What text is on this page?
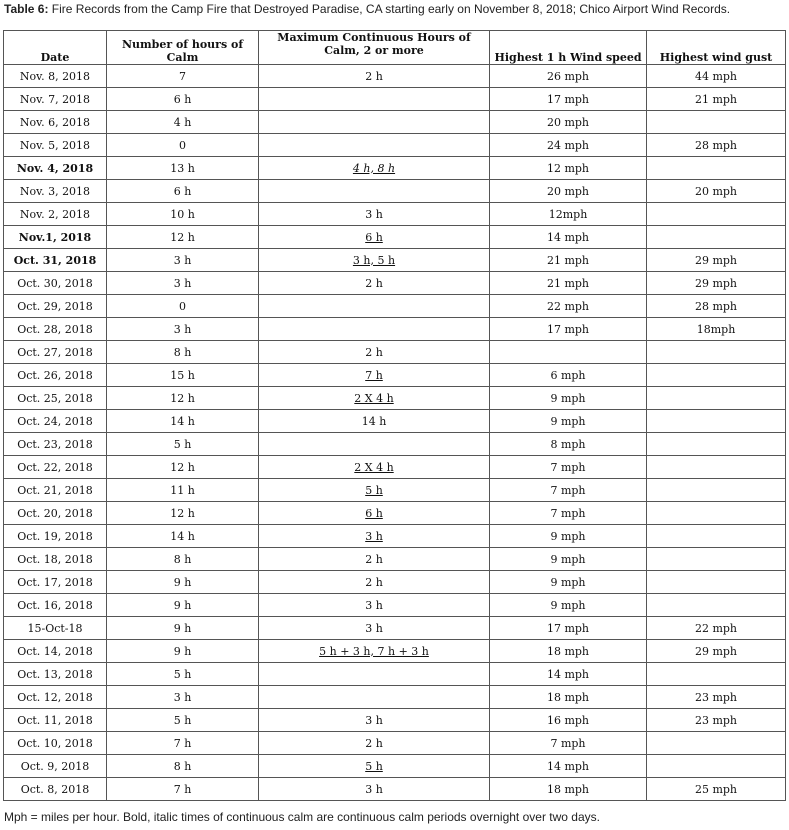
Table 6: Fire Records from the Camp Fire that Destroyed Paradise, CA starting early on November 8, 2018; Chico Airport Wind Records.
Date	Number of hours of Calm	Maximum Continuous Hours of Calm, 2 or more	Highest 1 h Wind speed	Highest wind gust
Nov. 8, 2018	7	2 h	26 mph	44 mph
Nov. 7, 2018	6 h		17 mph	21 mph
Nov. 6, 2018	4 h		20 mph	
Nov. 5, 2018	0		24 mph	28 mph
Nov. 4, 2018	13 h	4 h, 8 h	12 mph	
Nov. 3, 2018	6 h		20 mph	20 mph
Nov. 2, 2018	10 h	3 h	12mph	
Nov.1, 2018	12 h	6 h	14 mph	
Oct. 31, 2018	3 h	3 h, 5 h	21 mph	29 mph
Oct. 30, 2018	3 h	2 h	21 mph	29 mph
Oct. 29, 2018	0		22 mph	28 mph
Oct. 28, 2018	3 h		17 mph	18mph
Oct. 27, 2018	8 h	2 h		
Oct. 26, 2018	15 h	7 h	6 mph	
Oct. 25, 2018	12 h	2 X 4 h	9 mph	
Oct. 24, 2018	14 h	14 h	9 mph	
Oct. 23, 2018	5 h		8 mph	
Oct. 22, 2018	12 h	2 X 4 h	7 mph	
Oct. 21, 2018	11 h	5 h	7 mph	
Oct. 20, 2018	12 h	6 h	7 mph	
Oct. 19, 2018	14 h	3 h	9 mph	
Oct. 18, 2018	8 h	2 h	9 mph	
Oct. 17, 2018	9 h	2 h	9 mph	
Oct. 16, 2018	9 h	3 h	9 mph	
15-Oct-18	9 h	3 h	17 mph	22 mph
Oct. 14, 2018	9 h	5 h + 3 h, 7 h + 3 h	18 mph	29 mph
Oct. 13, 2018	5 h		14 mph	
Oct. 12, 2018	3 h		18 mph	23 mph
Oct. 11, 2018	5 h	3 h	16 mph	23 mph
Oct. 10, 2018	7 h	2 h	7 mph	
Oct. 9, 2018	8 h	5 h	14 mph	
Oct. 8, 2018	7 h	3 h	18 mph	25 mph
Mph = miles per hour. Bold, italic times of continuous calm are continuous calm periods overnight over two days.
